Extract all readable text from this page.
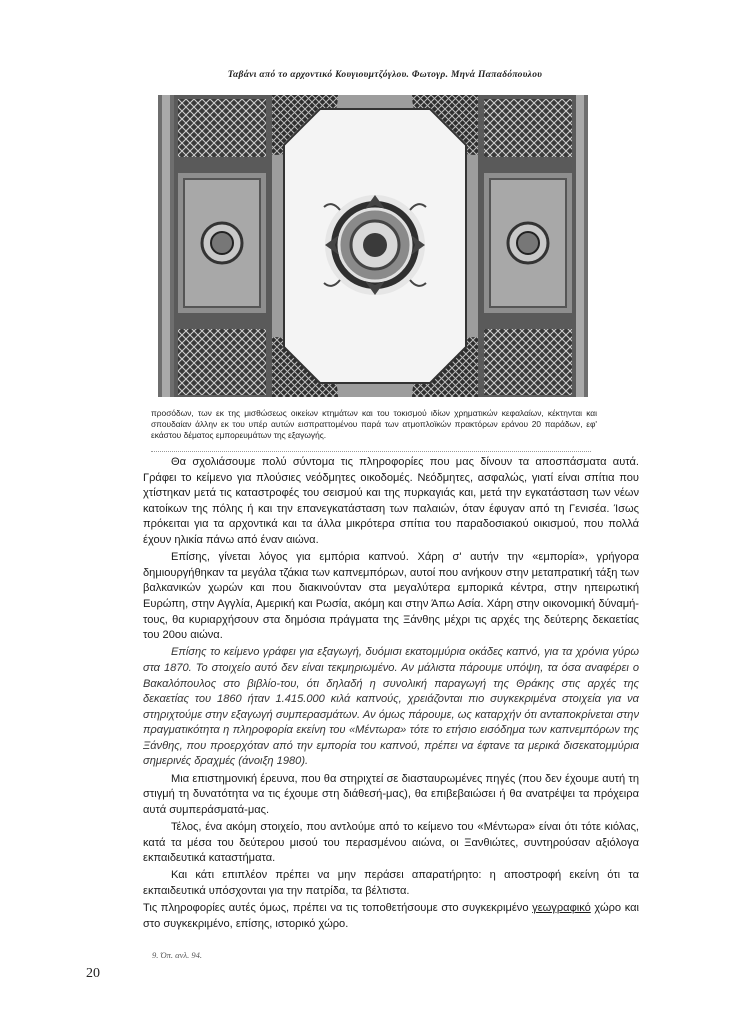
Ταβάνι από το αρχοντικό Κουγιουμτζόγλου. Φωτογρ. Μηνά Παπαδόπουλου

προσόδων, των εκ της μισθώσεως οικείων κτημάτων και του τοκισμού ιδίων χρηματικών κεφαλαίων, κέκτηνται και σπουδαίαν άλλην εκ του υπέρ αυτών εισπραττομένου παρά των ατμοπλοϊκών πρακτόρων εράνου 20 παράδων, εφ' εκάστου δέματος εμπορευμάτων της εξαγωγής.

Θα σχολιάσουμε πολύ σύντομα τις πληροφορίες που μας δίνουν τα αποσπάσματα αυτά. Γράφει το κείμενο για πλούσιες νεόδμητες οικοδομές. Νεόδμητες, ασφαλώς, γιατί είναι σπίτια που χτίστηκαν μετά τις καταστροφές του σεισμού και της πυρκαγιάς και, μετά την εγκατάσταση των νέων κατοίκων της πόλης ή και την επανεγκατάσταση των παλαιών, όταν έφυγαν από τη Γενισέα. Ίσως πρόκειται για τα αρχοντικά και τα άλλα μικρότερα σπίτια του παραδοσιακού οικισμού, που πολλά έχουν ηλικία πάνω από έναν αιώνα.

Επίσης, γίνεται λόγος για εμπόρια καπνού. Χάρη σ' αυτήν την «εμπορία», γρήγορα δημιουργήθηκαν τα μεγάλα τζάκια των καπνεμπόρων, αυτοί που ανήκουν στην μεταπρατική τάξη των βαλκανικών χωρών και που διακινούνταν στα μεγαλύτερα εμπορικά κέντρα, στην ηπειρωτική Ευρώπη, στην Αγγλία, Αμερική και Ρωσία, ακόμη και στην Άπω Ασία. Χάρη στην οικονομική δύναμή-τους, θα κυριαρχήσουν στα δημόσια πράγματα της Ξάνθης μέχρι τις αρχές της δεύτερης δεκαετίας του 20ου αιώνα.

Επίσης το κείμενο γράφει για εξαγωγή, δυόμισι εκατομμύρια οκάδες καπνό, για τα χρόνια γύρω στα 1870. Το στοιχείο αυτό δεν είναι τεκμηριωμένο. Αν μάλιστα πάρουμε υπόψη, τα όσα αναφέρει ο Βακαλόπουλος στο βιβλίο-του, ότι δηλαδή η συνολική παραγωγή της Θράκης στις αρχές της δεκαετίας του 1860 ήταν 1.415.000 κιλά καπνούς, χρειάζονται πιο συγκεκριμένα στοιχεία για να στηριχτούμε στην εξαγωγή συμπερασμάτων. Αν όμως πάρουμε, ως καταρχήν ότι ανταποκρίνεται στην πραγματικότητα η πληροφορία εκείνη του «Μέντωρα» τότε το ετήσιο εισόδημα των καπνεμπόρων της Ξάνθης, που προερχόταν από την εμπορία του καπνού, πρέπει να έφτανε τα μερικά δισεκατομμύρια σημερινές δραχμές (άνοιξη 1980).

Μια επιστημονική έρευνα, που θα στηριχτεί σε διασταυρωμένες πηγές (που δεν έχουμε αυτή τη στιγμή τη δυνατότητα να τις έχουμε στη διάθεσή-μας), θα επιβεβαιώσει ή θα ανατρέψει τα πρόχειρα αυτά συμπεράσματά-μας.

Τέλος, ένα ακόμη στοιχείο, που αντλούμε από το κείμενο του «Μέντωρα» είναι ότι τότε κιόλας, κατά τα μέσα του δεύτερου μισού του περασμένου αιώνα, οι Ξανθιώτες, συντηρούσαν αξιόλογα εκπαιδευτικά καταστήματα.

Και κάτι επιπλέον πρέπει να μην περάσει απαρατήρητο: η αποστροφή εκείνη ότι τα εκπαιδευτικά υπόσχονται για την πατρίδα, τα βέλτιστα.

Τις πληροφορίες αυτές όμως, πρέπει να τις τοποθετήσουμε στο συγκεκριμένο γεωγραφικό χώρο και στο συγκεκριμένο, επίσης, ιστορικό χώρο.

9. Όπ. ανλ. 94.
20
